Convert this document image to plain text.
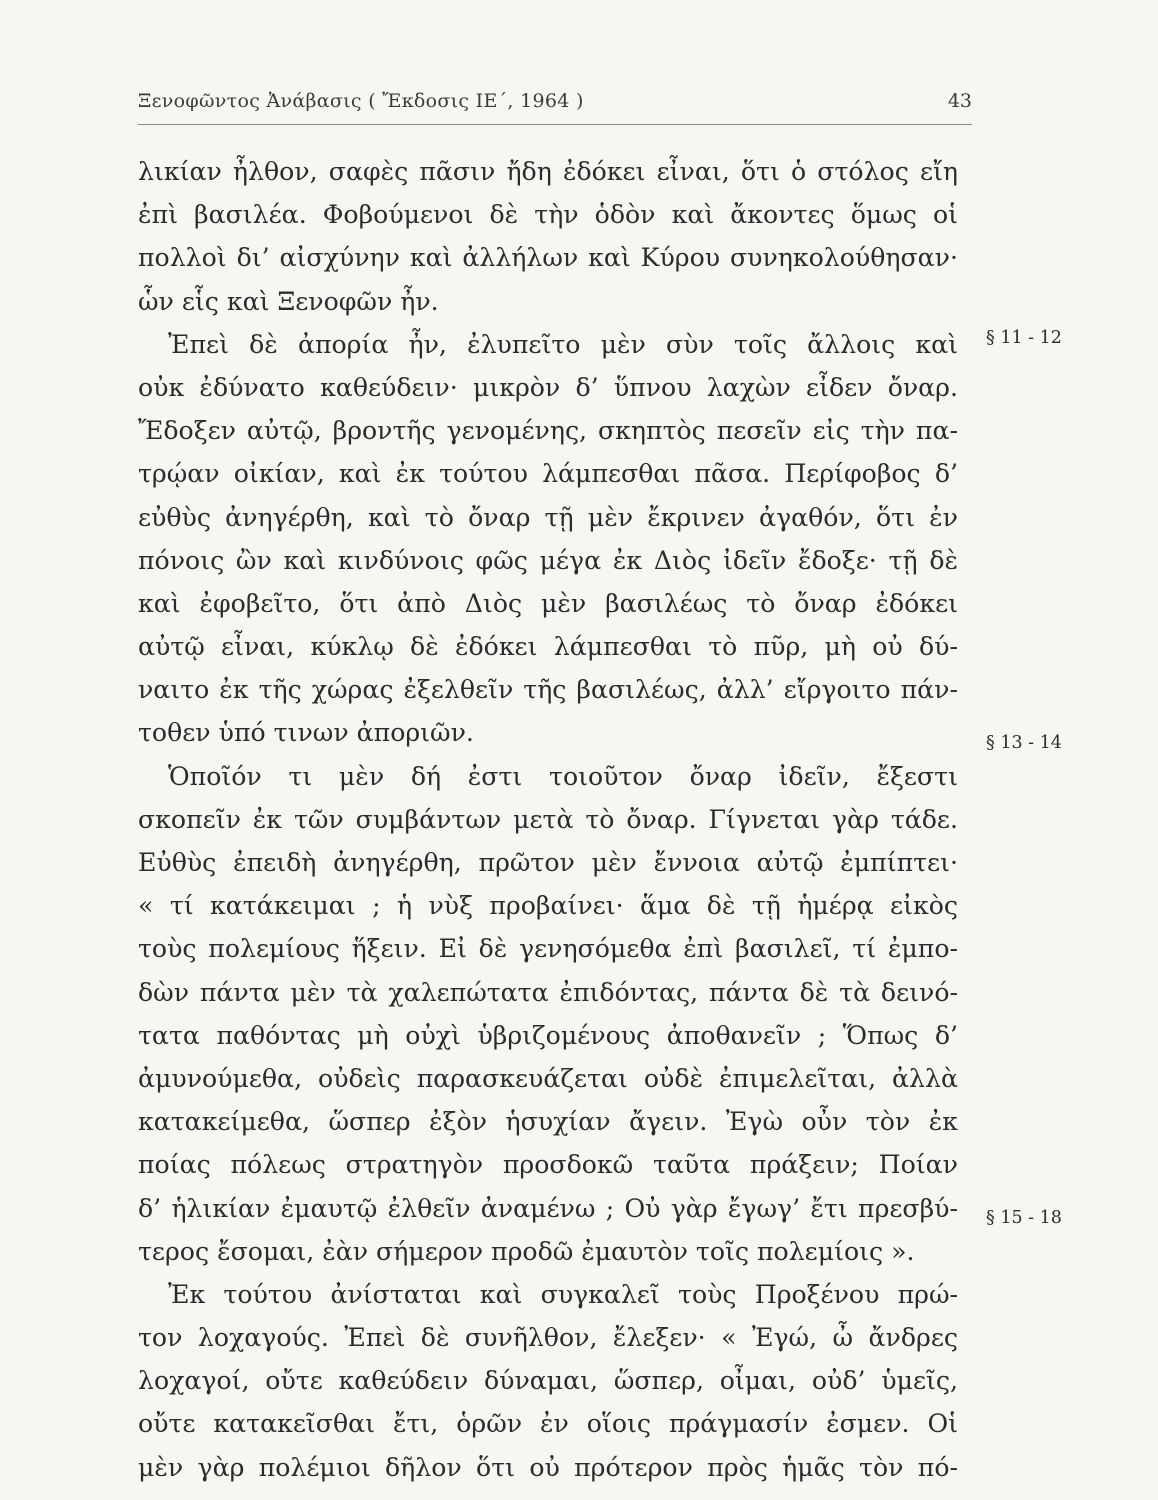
Ξενοφῶντος Ἀνάβασις ( Ἔκδοσις ΙΕ΄, 1964 )	43
λικίαν ἦλθον, σαφὲς πᾶσιν ἤδη ἐδόκει εἶναι, ὅτι ὁ στόλος εἴη
ἐπὶ βασιλέα. Φοβούμενοι δὲ τὴν ὁδὸν καὶ ἄκοντες ὅμως οἱ
πολλοὶ δι’ αἰσχύνην καὶ ἀλλήλων καὶ Κύρου συνηκολούθησαν·
ὧν εἷς καὶ Ξενοφῶν ἦν.
Ἐπεὶ δὲ ἀπορία ἦν, ἐλυπεῖτο μὲν σὺν τοῖς ἄλλοις καὶ
οὐκ ἐδύνατο καθεύδειν· μικρὸν δ’ ὕπνου λαχὼν εἶδεν ὄναρ.
Ἔδοξεν αὐτῷ, βροντῆς γενομένης, σκηπτὸς πεσεῖν εἰς τὴν πα-
τρῴαν οἰκίαν, καὶ ἐκ τούτου λάμπεσθαι πᾶσα. Περίφοβος δ’
εὐθὺς ἀνηγέρθη, καὶ τὸ ὄναρ τῇ μὲν ἔκρινεν ἀγαθόν, ὅτι ἐν
πόνοις ὢν καὶ κινδύνοις φῶς μέγα ἐκ Διὸς ἰδεῖν ἔδοξε· τῇ δὲ
καὶ ἐφοβεῖτο, ὅτι ἀπὸ Διὸς μὲν βασιλέως τὸ ὄναρ ἐδόκει
αὐτῷ εἶναι, κύκλῳ δὲ ἐδόκει λάμπεσθαι τὸ πῦρ, μὴ οὐ δύ-
ναιτο ἐκ τῆς χώρας ἐξελθεῖν τῆς βασιλέως, ἀλλ’ εἴργοιτο πάν-
τοθεν ὑπό τινων ἀποριῶν.
Ὁποῖόν τι μὲν δή ἐστι τοιοῦτον ὄναρ ἰδεῖν, ἔξεστι
σκοπεῖν ἐκ τῶν συμβάντων μετὰ τὸ ὄναρ. Γίγνεται γὰρ τάδε.
Εὐθὺς ἐπειδὴ ἀνηγέρθη, πρῶτον μὲν ἔννοια αὐτῷ ἐμπίπτει·
« τί κατάκειμαι ; ἡ νὺξ προβαίνει· ἅμα δὲ τῇ ἡμέρᾳ εἰκὸς
τοὺς πολεμίους ἥξειν. Εἰ δὲ γενησόμεθα ἐπὶ βασιλεῖ, τί ἐμπο-
δὼν πάντα μὲν τὰ χαλεπώτατα ἐπιδόντας, πάντα δὲ τὰ δεινό-
τατα παθόντας μὴ οὐχὶ ὑβριζομένους ἀποθανεῖν ; Ὅπως δ’
ἀμυνούμεθα, οὐδεὶς παρασκευάζεται οὐδὲ ἐπιμελεῖται, ἀλλὰ
κατακείμεθα, ὥσπερ ἐξὸν ἡσυχίαν ἄγειν. Ἐγὼ οὖν τὸν ἐκ
ποίας πόλεως στρατηγὸν προσδοκῶ ταῦτα πράξειν; Ποίαν
δ’ ἡλικίαν ἐμαυτῷ ἐλθεῖν ἀναμένω ; Οὐ γὰρ ἔγωγ’ ἔτι πρεσβύ-
τερος ἔσομαι, ἐὰν σήμερον προδῶ ἐμαυτὸν τοῖς πολεμίοις ».
Ἐκ τούτου ἀνίσταται καὶ συγκαλεῖ τοὺς Προξένου πρώ-
τον λοχαγούς. Ἐπεὶ δὲ συνῆλθον, ἔλεξεν· « Ἐγώ, ὦ ἄνδρες
λοχαγοί, οὔτε καθεύδειν δύναμαι, ὥσπερ, οἶμαι, οὐδ’ ὑμεῖς,
οὔτε κατακεῖσθαι ἔτι, ὁρῶν ἐν οἵοις πράγμασίν ἐσμεν. Οἱ
μὲν γὰρ πολέμιοι δῆλον ὅτι οὐ πρότερον πρὸς ἡμᾶς τὸν πό-
§ 11 - 12
§ 13 - 14
§ 15 - 18
